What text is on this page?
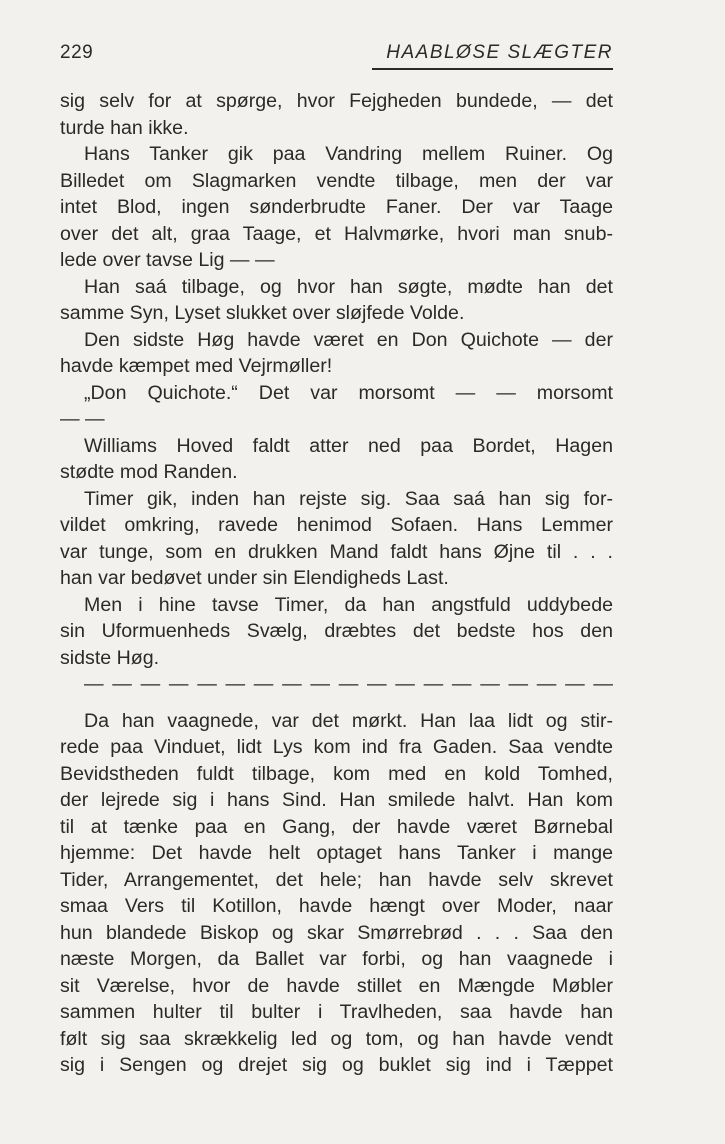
229	HAABLØSE SLÆGTER
sig selv for at spørge, hvor Fejgheden bundede, — det
turde han ikke.
Hans Tanker gik paa Vandring mellem Ruiner. Og
Billedet om Slagmarken vendte tilbage, men der var
intet Blod, ingen sønderbrudte Faner. Der var Taage
over det alt, graa Taage, et Halvmørke, hvori man snub-
lede over tavse Lig — —
Han saá tilbage, og hvor han søgte, mødte han det
samme Syn, Lyset slukket over sløjfede Volde.
Den sidste Høg havde været en Don Quichote — der
havde kæmpet med Vejrmøller!
„Don Quichote.“ Det var morsomt — — morsomt
— —
Williams Hoved faldt atter ned paa Bordet, Hagen
stødte mod Randen.
Timer gik, inden han rejste sig. Saa saá han sig for-
vildet omkring, ravede henimod Sofaen. Hans Lemmer
var tunge, som en drukken Mand faldt hans Øjne til . . .
han var bedøvet under sin Elendigheds Last.
Men i hine tavse Timer, da han angstfuld uddybede
sin Uformuenheds Svælg, dræbtes det bedste hos den
sidste Høg.
— — — — — — — — — — — — — — — — — — —
Da han vaagnede, var det mørkt. Han laa lidt og stir-
rede paa Vinduet, lidt Lys kom ind fra Gaden. Saa vendte
Bevidstheden fuldt tilbage, kom med en kold Tomhed,
der lejrede sig i hans Sind. Han smilede halvt. Han kom
til at tænke paa en Gang, der havde været Børnebal
hjemme: Det havde helt optaget hans Tanker i mange
Tider, Arrangementet, det hele; han havde selv skrevet
smaa Vers til Kotillon, havde hængt over Moder, naar
hun blandede Biskop og skar Smørrebrød . . . Saa den
næste Morgen, da Ballet var forbi, og han vaagnede i
sit Værelse, hvor de havde stillet en Mængde Møbler
sammen hulter til bulter i Travlheden, saa havde han
følt sig saa skrækkelig led og tom, og han havde vendt
sig i Sengen og drejet sig og buklet sig ind i Tæppet
